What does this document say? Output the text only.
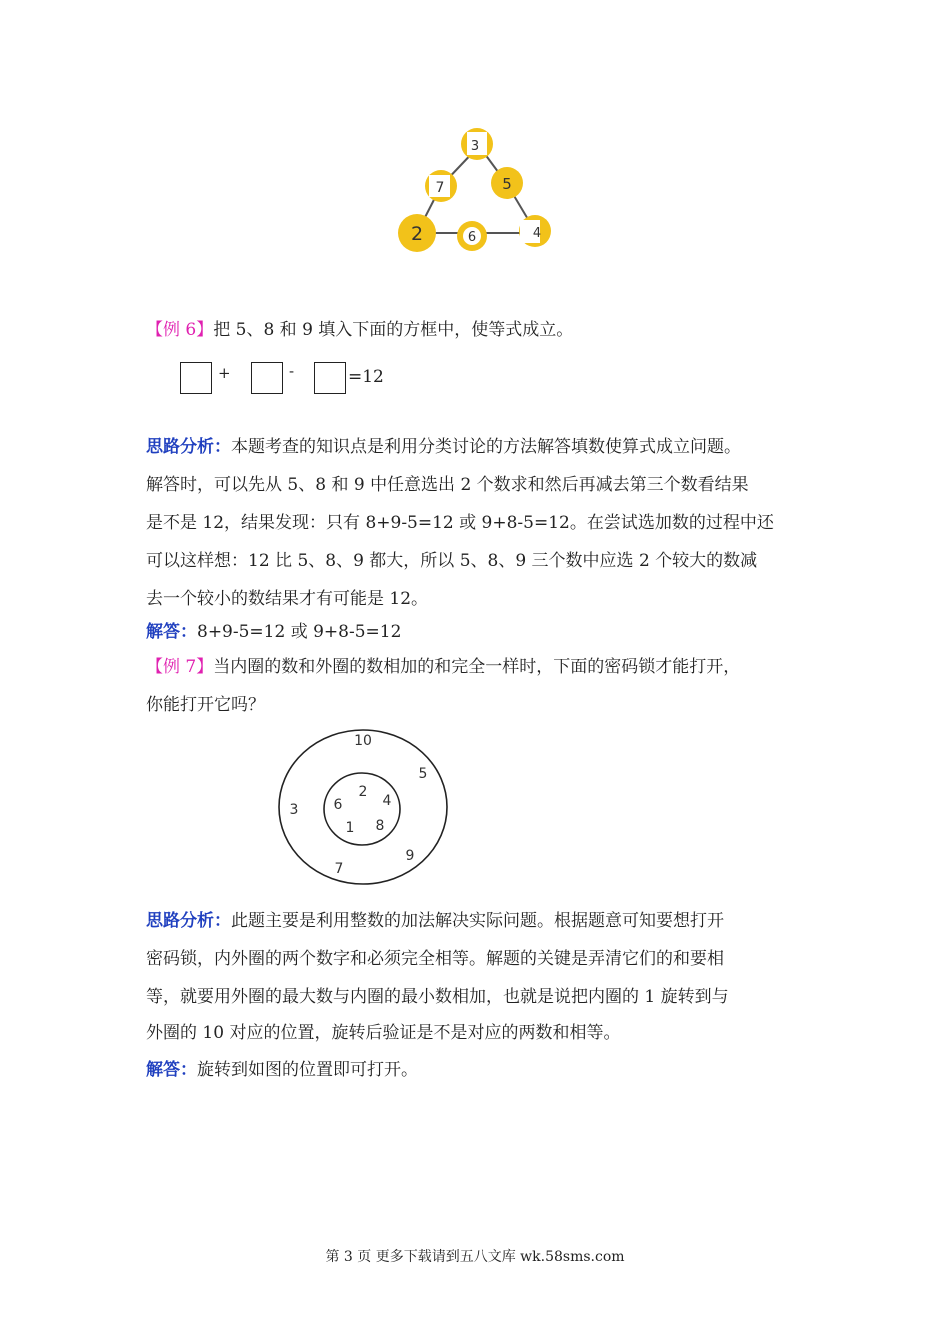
3
7	5
2	6	4
【例 6】把 5、8 和 9 填入下面的方框中，使等式成立。
+	-	=12
思路分析：本题考查的知识点是利用分类讨论的方法解答填数使算式成立问题。
解答时，可以先从 5、8 和 9 中任意选出 2 个数求和然后再减去第三个数看结果
是不是 12，结果发现：只有 8+9-5=12 或 9+8-5=12。在尝试选加数的过程中还
可以这样想：12 比 5、8、9 都大，所以 5、8、9 三个数中应选 2 个较大的数减
去一个较小的数结果才有可能是 12。
解答：8+9-5=12 或 9+8-5=12
【例 7】当内圈的数和外圈的数相加的和完全一样时，下面的密码锁才能打开，
你能打开它吗？
10
5
9
7
3
2
4
8
1
6
思路分析：此题主要是利用整数的加法解决实际问题。根据题意可知要想打开
密码锁，内外圈的两个数字和必须完全相等。解题的关键是弄清它们的和要相
等，就要用外圈的最大数与内圈的最小数相加，也就是说把内圈的 1 旋转到与
外圈的 10 对应的位置，旋转后验证是不是对应的两数和相等。
解答：旋转到如图的位置即可打开。
第 3 页 更多下载请到五八文库 wk.58sms.com
